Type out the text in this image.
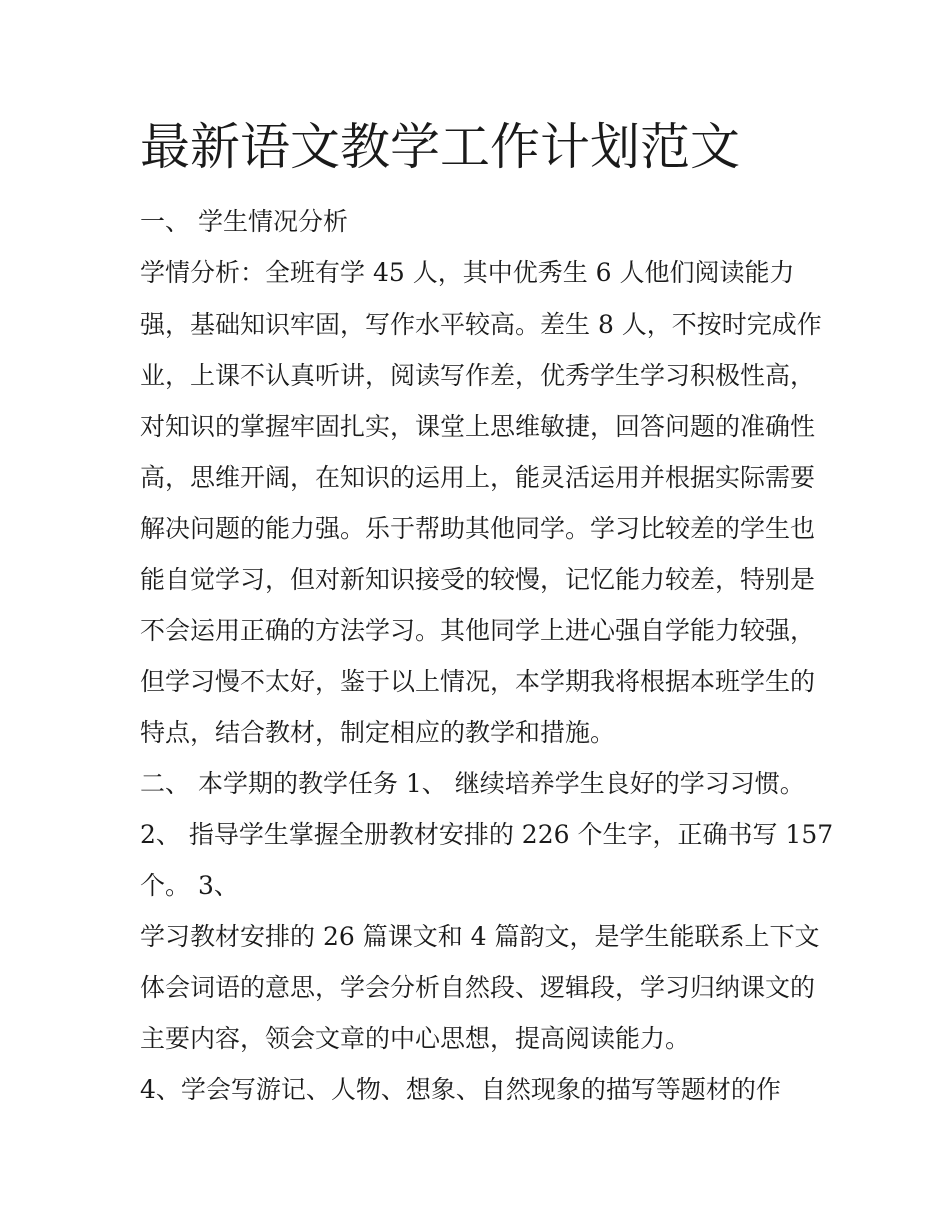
最新语文教学工作计划范文

一、 学生情况分析

学情分析：全班有学 45 人，其中优秀生 6 人他们阅读能力

强，基础知识牢固，写作水平较高。差生 8 人，不按时完成作

业，上课不认真听讲，阅读写作差，优秀学生学习积极性高，

对知识的掌握牢固扎实，课堂上思维敏捷，回答问题的准确性

高，思维开阔，在知识的运用上，能灵活运用并根据实际需要

解决问题的能力强。乐于帮助其他同学。学习比较差的学生也

能自觉学习，但对新知识接受的较慢，记忆能力较差，特别是

不会运用正确的方法学习。其他同学上进心强自学能力较强，

但学习慢不太好，鉴于以上情况，本学期我将根据本班学生的

特点，结合教材，制定相应的教学和措施。

二、 本学期的教学任务 1、 继续培养学生良好的学习习惯。

2、 指导学生掌握全册教材安排的 226 个生字，正确书写 157

个。 3、

学习教材安排的 26 篇课文和 4 篇韵文，是学生能联系上下文

体会词语的意思，学会分析自然段、逻辑段，学习归纳课文的

主要内容，领会文章的中心思想，提高阅读能力。

4、学会写游记、人物、想象、自然现象的描写等题材的作
